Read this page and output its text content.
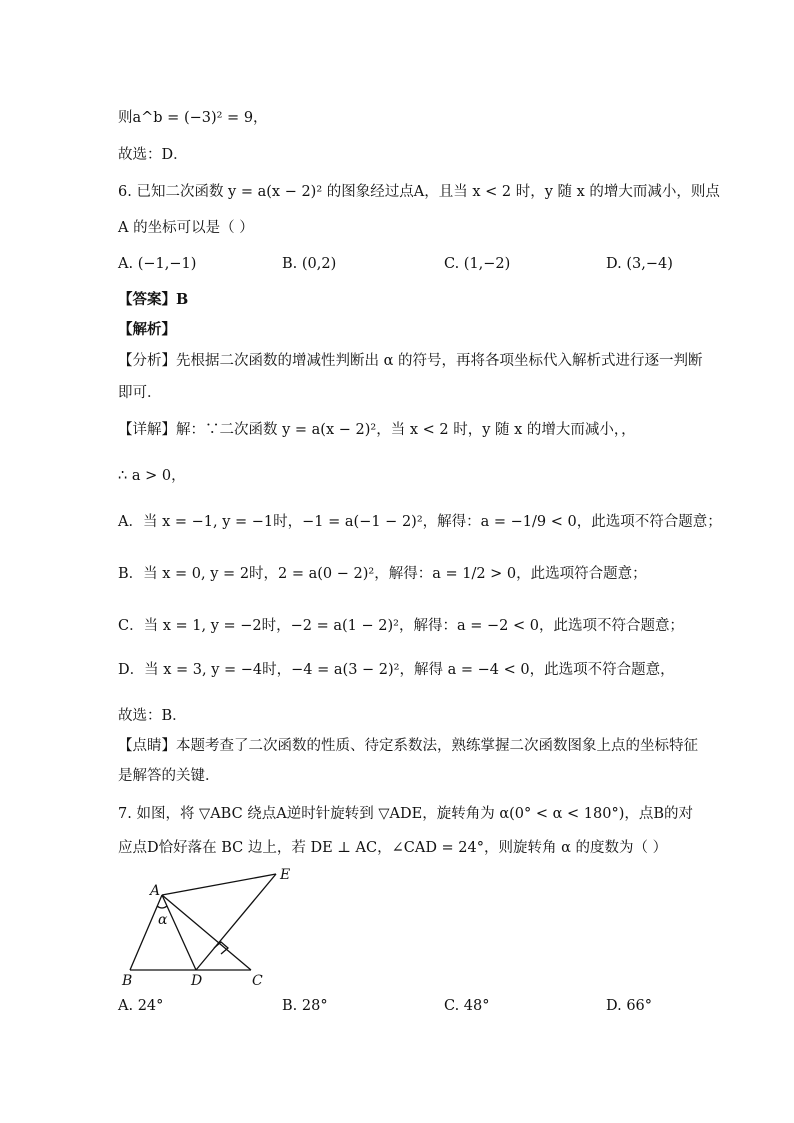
则a^b = (−3)² = 9，
故选：D．
6. 已知二次函数 y = a(x − 2)² 的图象经过点A，且当 x < 2 时，y 随 x 的增大而减小，则点
A 的坐标可以是（ ）
A. (−1,−1)	B. (0,2)	C. (1,−2)	D. (3,−4)
【答案】B
【解析】
【分析】先根据二次函数的增减性判断出 α 的符号，再将各项坐标代入解析式进行逐一判断
即可．
【详解】解：∵二次函数 y = a(x − 2)²，当 x < 2 时，y 随 x 的增大而减小，，
∴ a > 0，
A．当 x = −1, y = −1时，−1 = a(−1 − 2)²，解得：a = −1/9 < 0，此选项不符合题意；
B．当 x = 0, y = 2时，2 = a(0 − 2)²，解得：a = 1/2 > 0，此选项符合题意；
C．当 x = 1, y = −2时，−2 = a(1 − 2)²，解得：a = −2 < 0，此选项不符合题意；
D．当 x = 3, y = −4时，−4 = a(3 − 2)²，解得 a = −4 < 0，此选项不符合题意，
故选：B．
【点睛】本题考查了二次函数的性质、待定系数法，熟练掌握二次函数图象上点的坐标特征
是解答的关键．
7. 如图，将 ▽ABC 绕点A逆时针旋转到 ▽ADE，旋转角为 α(0° < α < 180°)，点B的对
应点D恰好落在 BC 边上，若 DE ⊥ AC，∠CAD = 24°，则旋转角 α 的度数为（ ）
A
E
α
B	D	C
A. 24°	B. 28°	C. 48°	D. 66°
